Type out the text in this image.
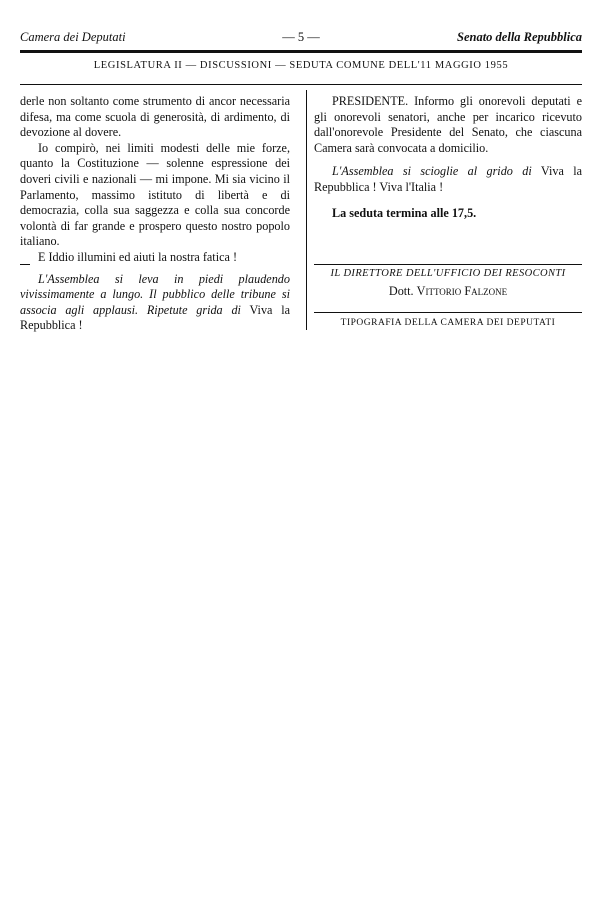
Camera dei Deputati	— 5 —	Senato della Repubblica
LEGISLATURA II — DISCUSSIONI — SEDUTA COMUNE DELL'11 MAGGIO 1955

derle non soltanto come strumento di ancor necessaria difesa, ma come scuola di generosità, di ardimento, di devozione al dovere.

Io compirò, nei limiti modesti delle mie forze, quanto la Costituzione — solenne espressione dei doveri civili e nazionali — mi impone. Mi sia vicino il Parlamento, massimo istituto di libertà e di democrazia, colla sua saggezza e colla sua concorde volontà di far grande e prospero questo nostro popolo italiano.

E Iddio illumini ed aiuti la nostra fatica !

L'Assemblea si leva in piedi plaudendo vivissimamente a lungo. Il pubblico delle tribune si associa agli applausi. Ripetute grida di Viva la Repubblica !

PRESIDENTE. Informo gli onorevoli deputati e gli onorevoli senatori, anche per incarico ricevuto dall'onorevole Presidente del Senato, che ciascuna Camera sarà convocata a domicilio.

L'Assemblea si scioglie al grido di Viva la Repubblica ! Viva l'Italia !

La seduta termina alle 17,5.

IL DIRETTORE DELL'UFFICIO DEI RESOCONTI
Dott. Vittorio Falzone
TIPOGRAFIA DELLA CAMERA DEI DEPUTATI
